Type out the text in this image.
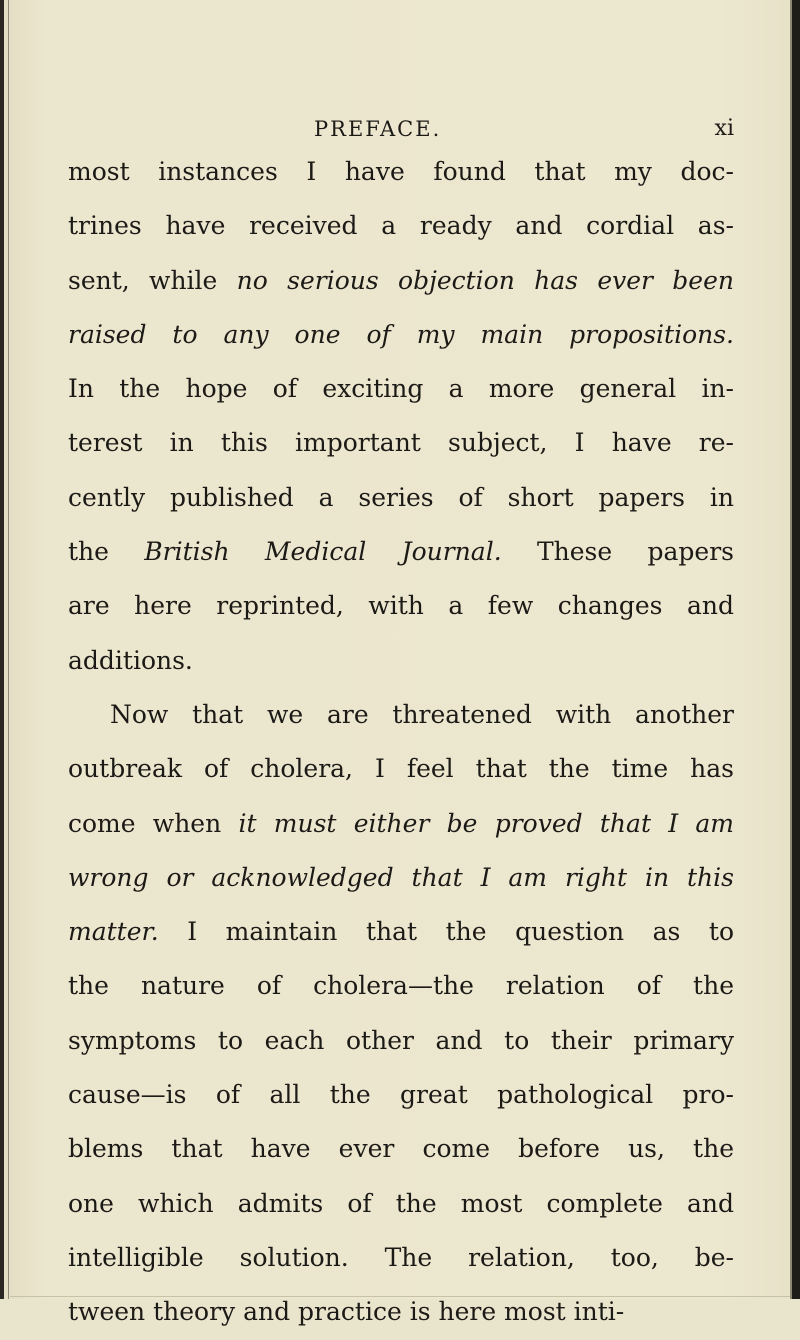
PREFACE.	xi
most instances I have found that my doc-
trines have received a ready and cordial as-
sent, while no serious objection has ever been
raised to any one of my main propositions.
In the hope of exciting a more general in-
terest in this important subject, I have re-
cently published a series of short papers in
the British Medical Journal. These papers
are here reprinted, with a few changes and
additions.
Now that we are threatened with another
outbreak of cholera, I feel that the time has
come when it must either be proved that I am
wrong or acknowledged that I am right in this
matter. I maintain that the question as to
the nature of cholera—the relation of the
symptoms to each other and to their primary
cause—is of all the great pathological pro-
blems that have ever come before us, the
one which admits of the most complete and
intelligible solution. The relation, too, be-
tween theory and practice is here most inti-
